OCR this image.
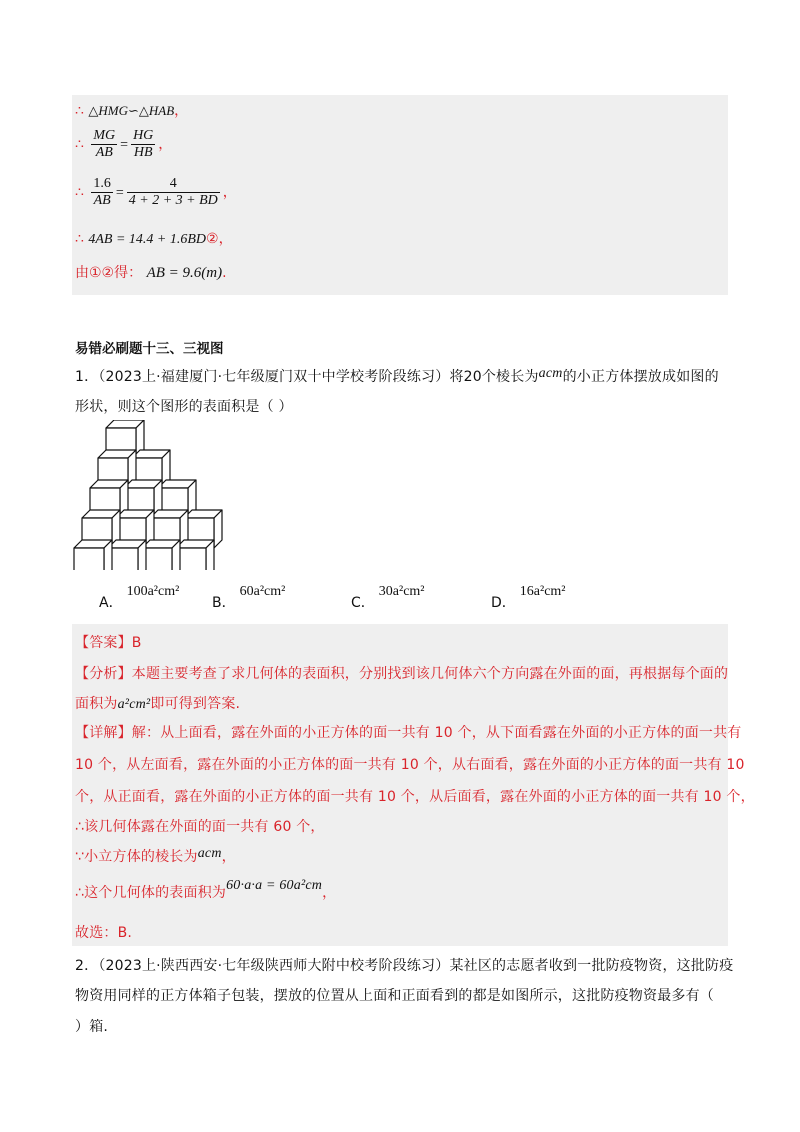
∴ △HMG∽△HAB，
∴ $\frac{MG}{AB} = \frac{HG}{HB}$ ，
∴ $\frac{1.6}{AB} = \frac{4}{4 + 2 + 3 + BD}$ ，
∴ 4AB = 14.4 + 1.6BD②，
由①②得： AB = 9.6(m).
易错必刷题十三、三视图
1．（2023上·福建厦门·七年级厦门双十中学校考阶段练习）将20个棱长为acm的小正方体摆放成如图的
形状，则这个图形的表面积是（ ）
A．100a²cm²
B．60a²cm²
C．30a²cm²
D．16a²cm²
【答案】B
【分析】本题主要考查了求几何体的表面积，分别找到该几何体六个方向露在外面的面，再根据每个面的
面积为a²cm²即可得到答案.
【详解】解：从上面看，露在外面的小正方体的面一共有 10 个，从下面看露在外面的小正方体的面一共有
10 个，从左面看，露在外面的小正方体的面一共有 10 个，从右面看，露在外面的小正方体的面一共有 10
个，从正面看，露在外面的小正方体的面一共有 10 个，从后面看，露在外面的小正方体的面一共有 10 个，
∴该几何体露在外面的面一共有 60 个，
∵小立方体的棱长为acm，
∴这个几何体的表面积为60·a·a = 60a²cm，
故选：B.
2．（2023上·陕西西安·七年级陕西师大附中校考阶段练习）某社区的志愿者收到一批防疫物资，这批防疫
物资用同样的正方体箱子包装，摆放的位置从上面和正面看到的都是如图所示，这批防疫物资最多有（
）箱.
